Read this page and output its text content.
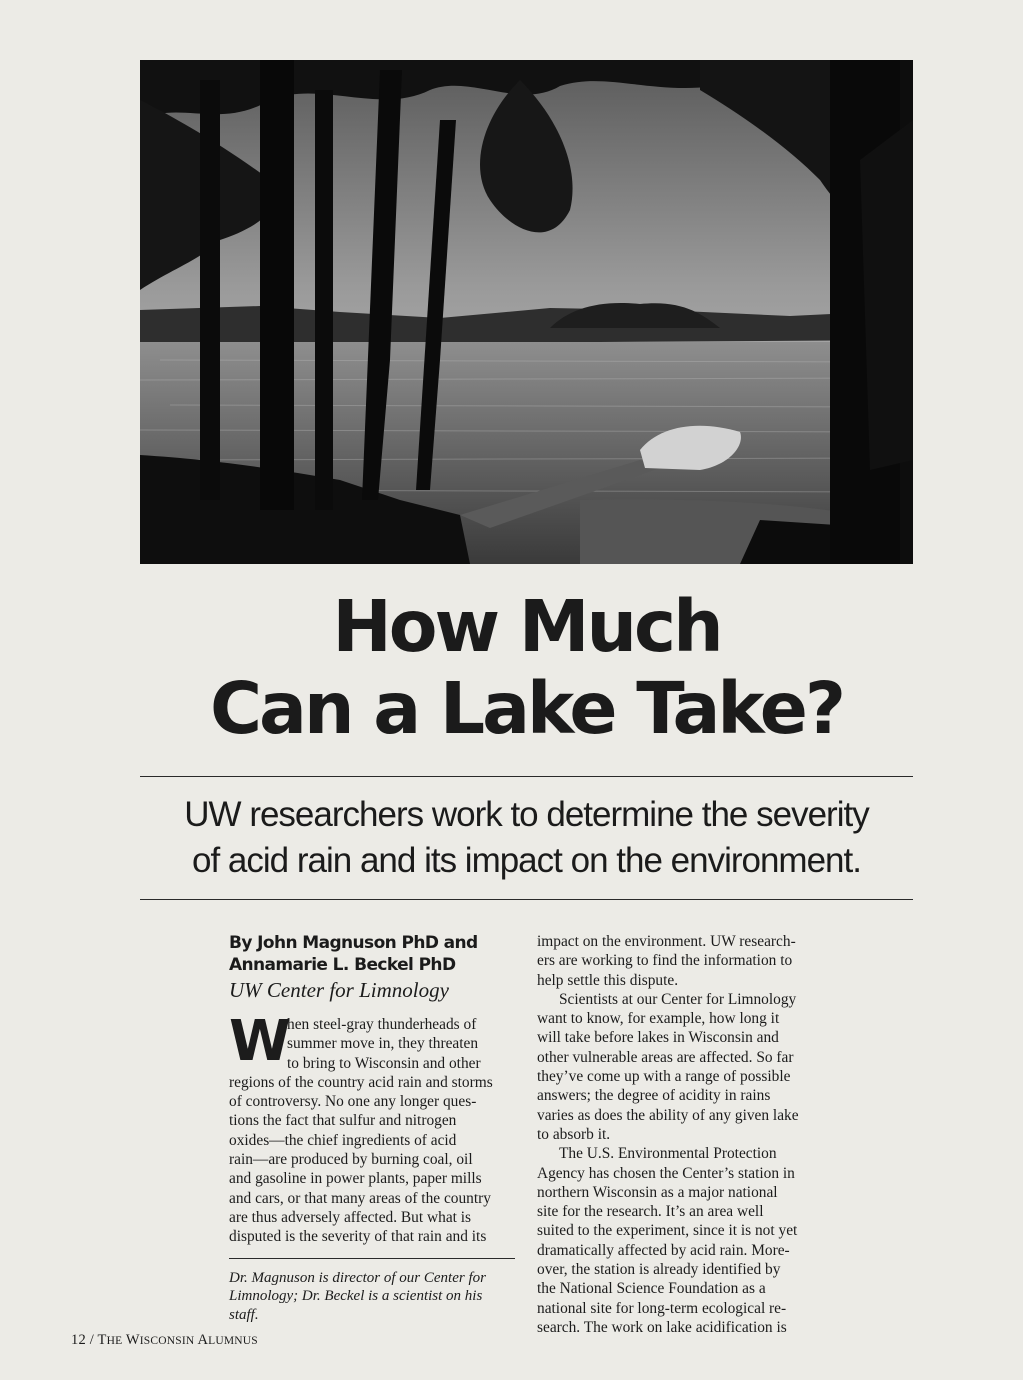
How Much
Can a Lake Take?
UW researchers work to determine the severity
of acid rain and its impact on the environment.
By John Magnuson PhD and
Annamarie L. Beckel PhD
UW Center for Limnology
W
hen steel-gray thunderheads of
summer move in, they threaten
to bring to Wisconsin and other
regions of the country acid rain and storms
of controversy. No one any longer ques-
tions the fact that sulfur and nitrogen
oxides—the chief ingredients of acid
rain—are produced by burning coal, oil
and gasoline in power plants, paper mills
and cars, or that many areas of the country
are thus adversely affected. But what is
disputed is the severity of that rain and its
Dr. Magnuson is director of our Center for
Limnology; Dr. Beckel is a scientist on his
staff.
impact on the environment. UW research-
ers are working to find the information to
help settle this dispute.
Scientists at our Center for Limnology
want to know, for example, how long it
will take before lakes in Wisconsin and
other vulnerable areas are affected. So far
they’ve come up with a range of possible
answers; the degree of acidity in rains
varies as does the ability of any given lake
to absorb it.
The U.S. Environmental Protection
Agency has chosen the Center’s station in
northern Wisconsin as a major national
site for the research. It’s an area well
suited to the experiment, since it is not yet
dramatically affected by acid rain. More-
over, the station is already identified by
the National Science Foundation as a
national site for long-term ecological re-
search. The work on lake acidification is
12 / THE WISCONSIN ALUMNUS
